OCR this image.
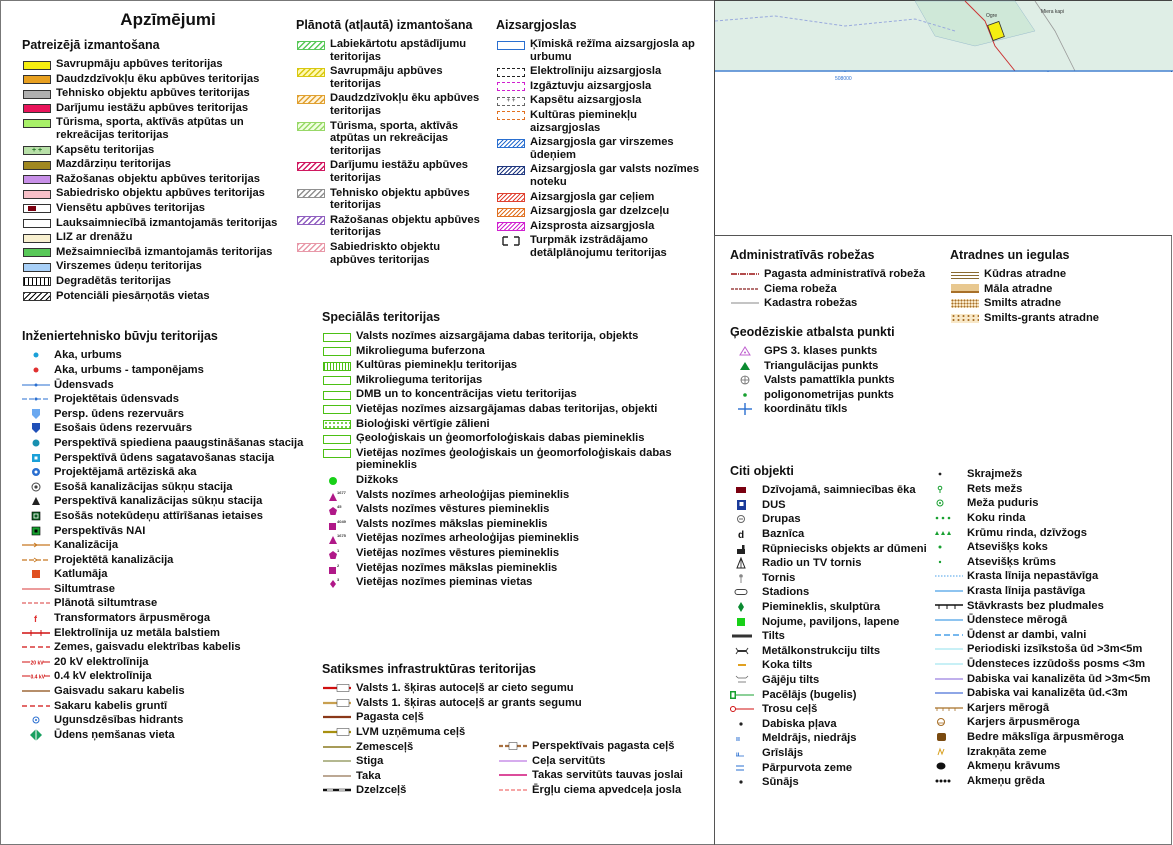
Ogre
Miera kapi
508000
Apzīmējumi
Patreizējā izmantošana
Savrupmāju apbūves teritorijas
Daudzdzīvokļu ēku apbūves teritorijas
Tehnisko objektu apbūves teritorijas
Darījumu iestāžu apbūves teritorijas
Tūrisma, sporta, aktīvās atpūtas un rekreācijas teritorijas
+ +	Kapsētu teritorijas
Mazdārziņu teritorijas
Ražošanas objektu apbūves teritorijas
Sabiedrisko objektu apbūves teritorijas
Viensētu apbūves teritorijas
Lauksaimniecībā izmantojamās teritorijas
LIZ ar drenāžu
Mežsaimniecībā izmantojamās teritorijas
Virszemes ūdeņu teritorijas
Degradētās teritorijas
Potenciāli piesārņotās vietas
Inženiertehnisko būvju teritorijas
Aka, urbums
Aka, urbums - tamponējams
Ūdensvads
Projektētais ūdensvads
Persp. ūdens rezervuārs
Esošais ūdens rezervuārs
Perspektīvā spiediena paaugstināšanas stacija
Perspektīvā ūdens sagatavošanas stacija
Projektējamā artēziskā aka
Esošā kanalizācijas sūkņu stacija
Perspektīvā kanalizācijas sūkņu stacija
Esošās notekūdeņu attīrīšanas ietaises
Perspektīvās NAI
Kanalizācija
Projektētā kanalizācija
Katlumāja
Siltumtrase
Plānotā siltumtrase
f Transformators ārpusmēroga
Elektrolīnija uz metāla balstiem
Zemes, gaisvadu elektrības kabelis
20 kV 20 kV elektrolīnija
0.4 kV 0.4 kV elektrolīnija
Gaisvadu sakaru kabelis
Sakaru kabelis gruntī
Ugunsdzēsības hidrants
Ūdens ņemšanas vieta
Plānotā (atļautā) izmantošana
Labiekārtotu apstādījumu teritorijas
Savrupmāju apbūves teritorijas
Daudzdzīvokļu ēku apbūves teritorijas
Tūrisma, sporta, aktīvās atpūtas un rekreācijas teritorijas
Darījumu iestāžu apbūves teritorijas
Tehnisko objektu apbūves teritorijas
Ražošanas objektu apbūves teritorijas
Sabiedriskto objektu apbūves teritorijas
Aizsargjoslas
Ķīmiskā režīma aizsargjosla ap urbumu
Elektrolīniju aizsargjosla
Izgāztuvju aizsargjosla
+ +	Kapsētu aizsargjosla
Kultūras pieminekļu aizsargjoslas
Aizsargjosla gar virszemes ūdeņiem
Aizsargjosla gar valsts nozīmes noteku
Aizsargjosla gar ceļiem
Aizsargjosla gar dzelzceļu
Aizsprosta aizsargjosla
Turpmāk izstrādājamo detālplānojumu teritorijas
Speciālās teritorijas
Valsts nozīmes aizsargājama dabas teritorija, objekts
Mikrolieguma buferzona
Kultūras pieminekļu teritorijas
Mikrolieguma teritorijas
DMB un to koncentrācijas vietu teritorijas
Vietējas nozīmes aizsargājamas dabas teritorijas, objekti
Bioloģiski vērtīgie zālieni
Ģeoloģiskais un ģeomorfoloģiskais dabas piemineklis
Vietējas nozīmes ģeoloģiskais un ģeomorfoloģiskais dabas piemineklis
Dižkoks
1677 Valsts nozīmes arheoloģijas piemineklis
45 Valsts nozīmes vēstures piemineklis
4049 Valsts nozīmes mākslas piemineklis
1675 Vietējas nozīmes arheoloģijas piemineklis
1 Vietējas nozīmes vēstures piemineklis
2 Vietējas nozīmes mākslas piemineklis
3 Vietējas nozīmes pieminas vietas
Satiksmes infrastruktūras teritorijas
Valsts 1. šķiras autoceļš ar cieto segumu
Valsts 1. šķiras autoceļš ar grants segumu
Pagasta ceļš
LVM uzņēmuma ceļš
Zemesceļš
Stiga
Taka
Dzelzceļš
Perspektīvais pagasta ceļš
Ceļa servitūts
Takas servitūts tauvas joslai
Ērgļu ciema apvedceļa josla
Administratīvās robežas
Pagasta administratīvā robeža
Ciema robeža
Kadastra robežas
Ģeodēziskie atbalsta punkti
GPS 3. klases punkts
Triangulācijas punkts
Valsts pamattīkla punkts
poligonometrijas punkts
koordinātu tīkls
Atradnes un iegulas
Kūdras atradne
Māla atradne
Smilts atradne
Smilts-grants atradne
Citi objekti
Dzīvojamā, saimniecības ēka
DUS
Drupas
d Baznīca
Rūpniecisks objekts ar dūmeni
Radio un TV tornis
Tornis
Stadions
Piemineklis, skulptūra
Nojume, paviljons, lapene
Tilts
Metālkonstrukciju tilts
Koka tilts
Gājēju tilts
Pacēlājs (bugelis)
Trosu ceļš
Dabiska pļava
ıı Meldrājs, niedrājs
ıı Grīslājs
Pārpurvota zeme
Sūnājs
Skrajmežs
Rets mežs
Meža puduris
Koku rinda
Krūmu rinda, dzīvžogs
Atsevišķs koks
Atsevišķs krūms
Krasta līnija nepastāvīga
Krasta līnija pastāvīga
Stāvkrasts bez pludmales
Ūdenstece mērogā
Ūdenst ar dambi, valni
Periodiski izsīkstoša ūd >3m<5m
Ūdensteces izzūdošs posms <3m
Dabiska vai kanalizēta ūd >3m<5m
Dabiska vai kanalizēta ūd.<3m
Karjers mērogā
Karjers ārpusmēroga
Bedre mākslīga ārpusmēroga
Izrakņāta zeme
Akmeņu krāvums
Akmeņu grēda
